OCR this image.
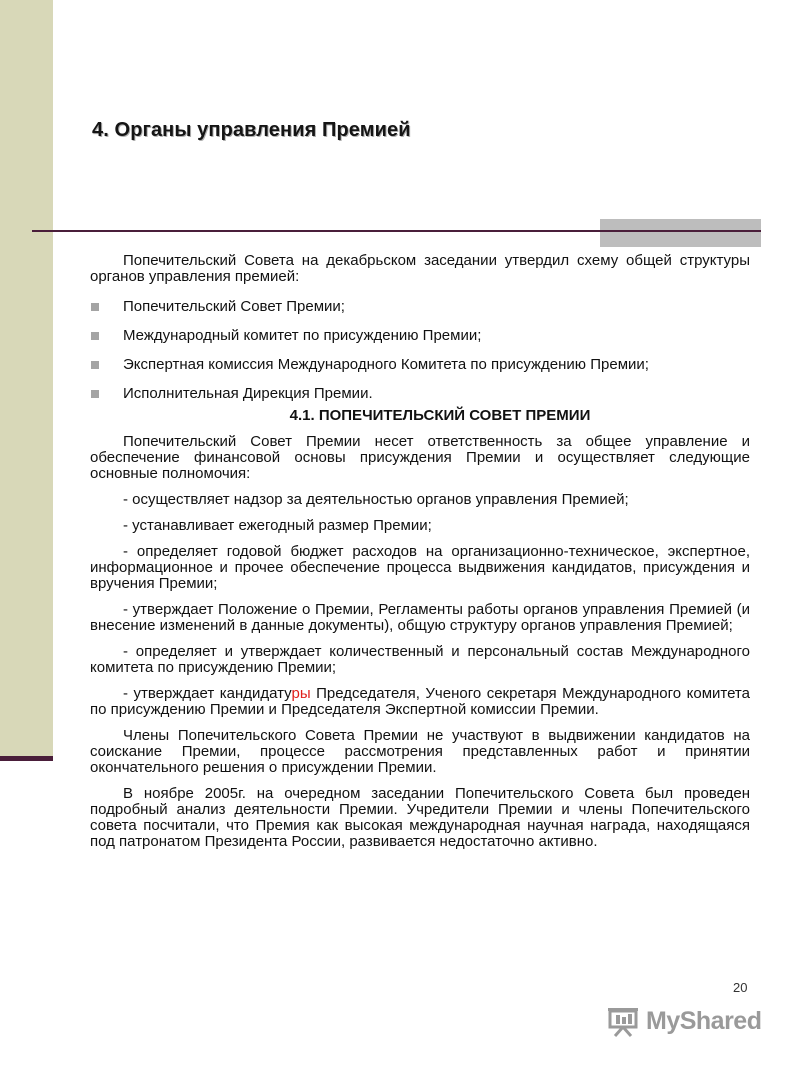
4. Органы управления Премией

Попечительский Совета на декабрьском заседании утвердил схему общей структуры органов управления премией:

Попечительский Совет Премии;
Международный комитет по присуждению Премии;
Экспертная комиссия Международного Комитета по присуждению Премии;
Исполнительная Дирекция Премии.

4.1. ПОПЕЧИТЕЛЬСКИЙ СОВЕТ ПРЕМИИ

Попечительский Совет Премии несет ответственность за общее управление и обеспечение финансовой основы присуждения Премии и осуществляет следующие основные полномочия:

- осуществляет надзор за деятельностью органов управления Премией;

- устанавливает ежегодный размер Премии;

- определяет годовой бюджет расходов на организационно-техническое, экспертное, информационное и прочее обеспечение процесса выдвижения кандидатов, присуждения и вручения Премии;

- утверждает Положение о Премии, Регламенты работы органов управления Премией (и внесение изменений в данные документы), общую структуру органов управления Премией;

- определяет и утверждает количественный и персональный состав Международного комитета по присуждению Премии;

- утверждает кандидатуры Председателя, Ученого секретаря Международного комитета по присуждению Премии и Председателя Экспертной комиссии Премии.

Члены Попечительского Совета Премии не участвуют в выдвижении кандидатов на соискание Премии, процессе рассмотрения представленных работ и принятии окончательного решения о присуждении Премии.

В ноябре 2005г. на очередном заседании Попечительского Совета был проведен подробный анализ деятельности Премии. Учредители Премии и члены Попечительского совета посчитали, что Премия как высокая международная научная награда, находящаяся под патронатом Президента России, развивается недостаточно активно.

20
MyShared
